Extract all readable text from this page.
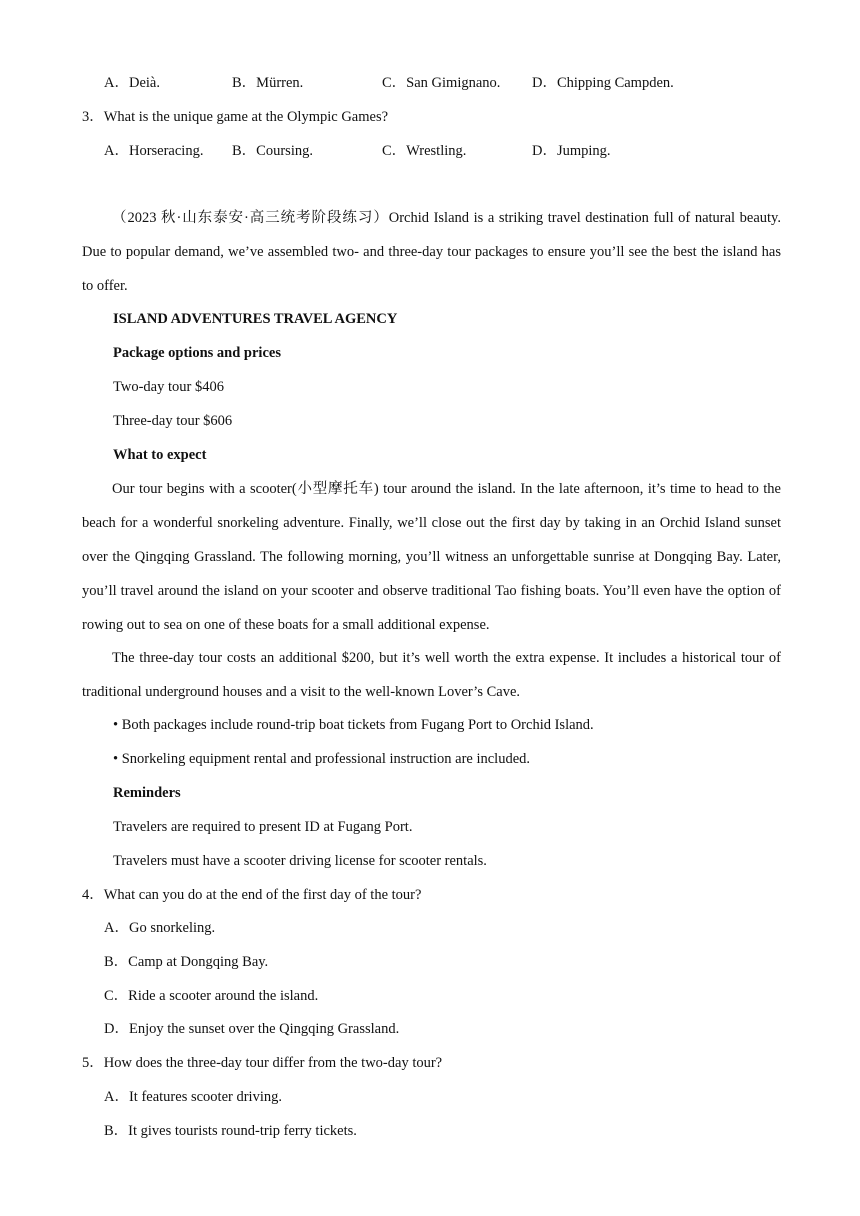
A．Deià.	B．Mürren.	C．San Gimignano. D．Chipping Campden.
3．What is the unique game at the Olympic Games?
A．Horseracing. B．Coursing.	C．Wrestling.	D．Jumping.
（2023 秋·山东泰安·高三统考阶段练习）Orchid Island is a striking travel destination full of natural beauty. Due to popular demand, we’ve assembled two- and three-day tour packages to ensure you’ll see the best the island has to offer.
ISLAND ADVENTURES TRAVEL AGENCY
Package options and prices
Two-day tour $406
Three-day tour $606
What to expect
Our tour begins with a scooter(小型摩托车) tour around the island. In the late afternoon, it’s time to head to the beach for a wonderful snorkeling adventure. Finally, we’ll close out the first day by taking in an Orchid Island sunset over the Qingqing Grassland. The following morning, you’ll witness an unforgettable sunrise at Dongqing Bay. Later, you’ll travel around the island on your scooter and observe traditional Tao fishing boats. You’ll even have the option of rowing out to sea on one of these boats for a small additional expense.
The three-day tour costs an additional $200, but it’s well worth the extra expense. It includes a historical tour of traditional underground houses and a visit to the well-known Lover’s Cave.
• Both packages include round-trip boat tickets from Fugang Port to Orchid Island.
• Snorkeling equipment rental and professional instruction are included.
Reminders
Travelers are required to present ID at Fugang Port.
Travelers must have a scooter driving license for scooter rentals.
4．What can you do at the end of the first day of the tour?
A．Go snorkeling.
B．Camp at Dongqing Bay.
C．Ride a scooter around the island.
D．Enjoy the sunset over the Qingqing Grassland.
5．How does the three-day tour differ from the two-day tour?
A．It features scooter driving.
B．It gives tourists round-trip ferry tickets.
